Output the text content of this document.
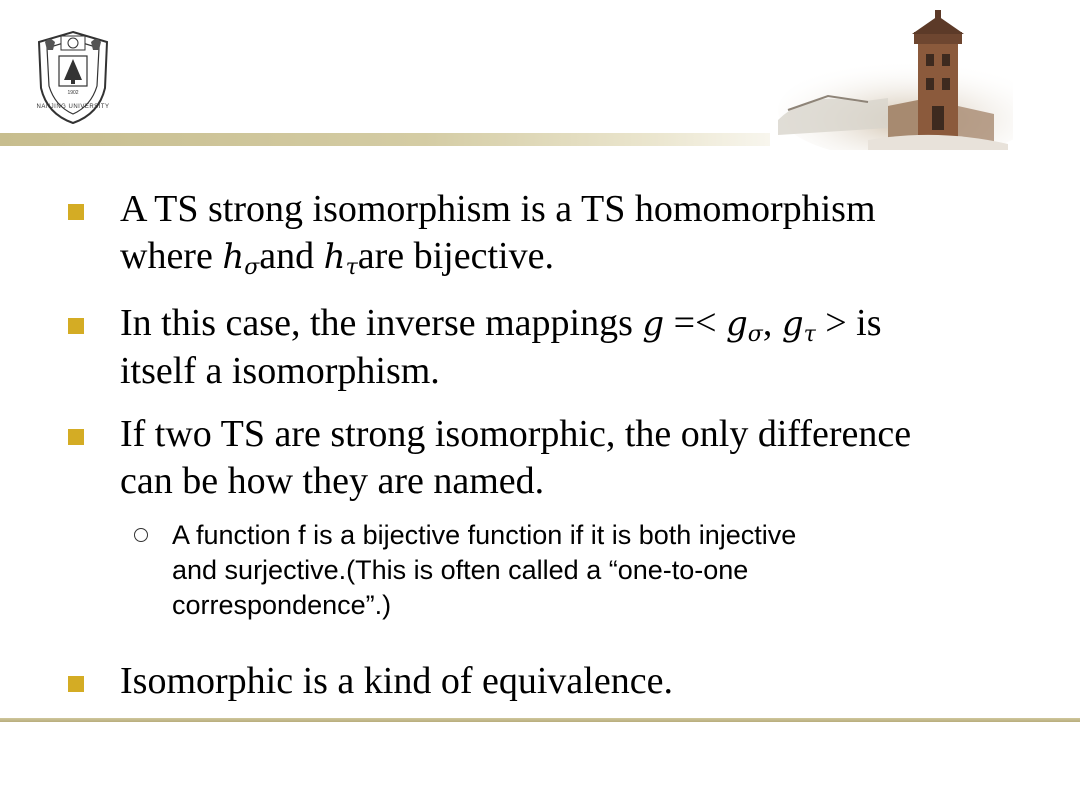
1902
NANJING UNIVERSITY
A TS strong isomorphism is a TS homomorphism
where $h_\sigma and$ $h_\tau are$ bijective.
In this case, the inverse mappings $g =< g_\sigma$, $g_\tau$ > is
itself a isomorphism.
If two TS are strong isomorphic, the only difference
can be how they are named.
A function f is a bijective function if it is both injective
and surjective.(This is often called a “one-to-one
correspondence”.)
Isomorphic is a kind of equivalence.
